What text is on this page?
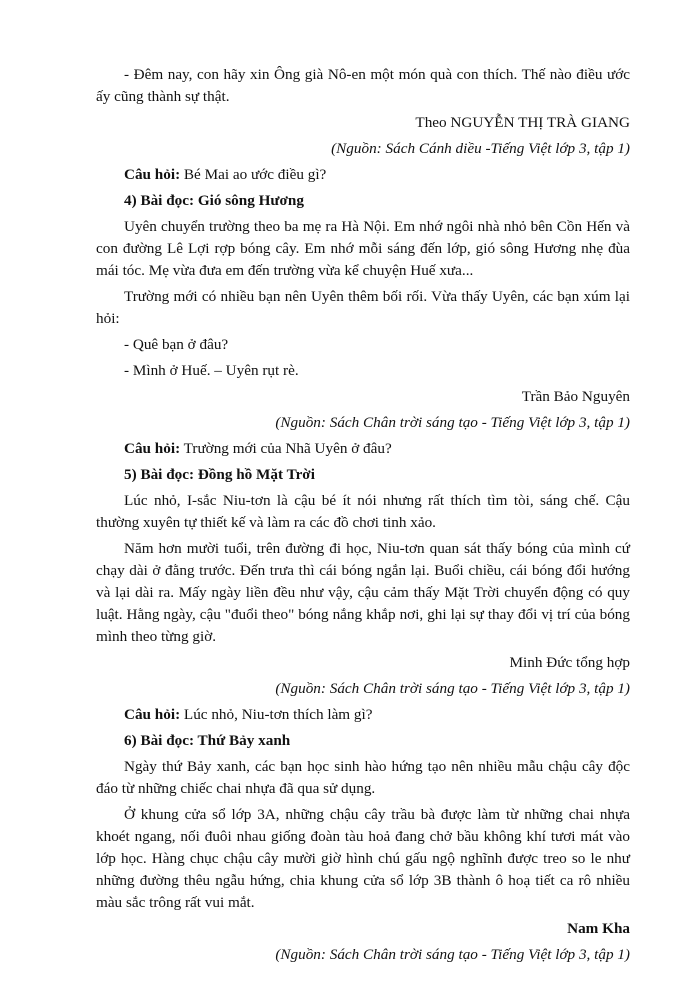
- Đêm nay, con hãy xin Ông già Nô-en một món quà con thích. Thế nào điều ước ấy cũng thành sự thật.

Theo NGUYỄN THỊ TRÀ GIANG

(Nguồn: Sách Cánh diều -Tiếng Việt lớp 3, tập 1)

Câu hỏi: Bé Mai ao ước điều gì?

4) Bài đọc: Gió sông Hương

Uyên chuyển trường theo ba mẹ ra Hà Nội. Em nhớ ngôi nhà nhỏ bên Cồn Hến và con đường Lê Lợi rợp bóng cây. Em nhớ mỗi sáng đến lớp, gió sông Hương nhẹ đùa mái tóc. Mẹ vừa đưa em đến trường vừa kể chuyện Huế xưa...

Trường mới có nhiều bạn nên Uyên thêm bối rối. Vừa thấy Uyên, các bạn xúm lại hỏi:

- Quê bạn ở đâu?

- Mình ở Huế. – Uyên rụt rè.

Trần Bảo Nguyên

(Nguồn: Sách Chân trời sáng tạo - Tiếng Việt lớp 3, tập 1)

Câu hỏi: Trường mới của Nhã Uyên ở đâu?

5) Bài đọc: Đồng hồ Mặt Trời

Lúc nhỏ, I-sắc Niu-tơn là cậu bé ít nói nhưng rất thích tìm tòi, sáng chế. Cậu thường xuyên tự thiết kế và làm ra các đồ chơi tinh xảo.

Năm hơn mười tuổi, trên đường đi học, Niu-tơn quan sát thấy bóng của mình cứ chạy dài ở đằng trước. Đến trưa thì cái bóng ngắn lại. Buổi chiều, cái bóng đổi hướng và lại dài ra. Mấy ngày liền đều như vậy, cậu cảm thấy Mặt Trời chuyển động có quy luật. Hằng ngày, cậu "đuổi theo" bóng nắng khắp nơi, ghi lại sự thay đổi vị trí của bóng mình theo từng giờ.

Minh Đức tổng hợp

(Nguồn: Sách Chân trời sáng tạo - Tiếng Việt lớp 3, tập 1)

Câu hỏi: Lúc nhỏ, Niu-tơn thích làm gì?

6) Bài đọc: Thứ Bảy xanh

Ngày thứ Bảy xanh, các bạn học sinh hào hứng tạo nên nhiều mẫu chậu cây độc đáo từ những chiếc chai nhựa đã qua sử dụng.

Ở khung cửa sổ lớp 3A, những chậu cây trầu bà được làm từ những chai nhựa khoét ngang, nối đuôi nhau giống đoàn tàu hoả đang chở bầu không khí tươi mát vào lớp học. Hàng chục chậu cây mười giờ hình chú gấu ngộ nghĩnh được treo so le như những đường thêu ngẫu hứng, chia khung cửa sổ lớp 3B thành ô hoạ tiết ca rô nhiều màu sắc trông rất vui mắt.

Nam Kha

(Nguồn: Sách Chân trời sáng tạo - Tiếng Việt lớp 3, tập 1)
